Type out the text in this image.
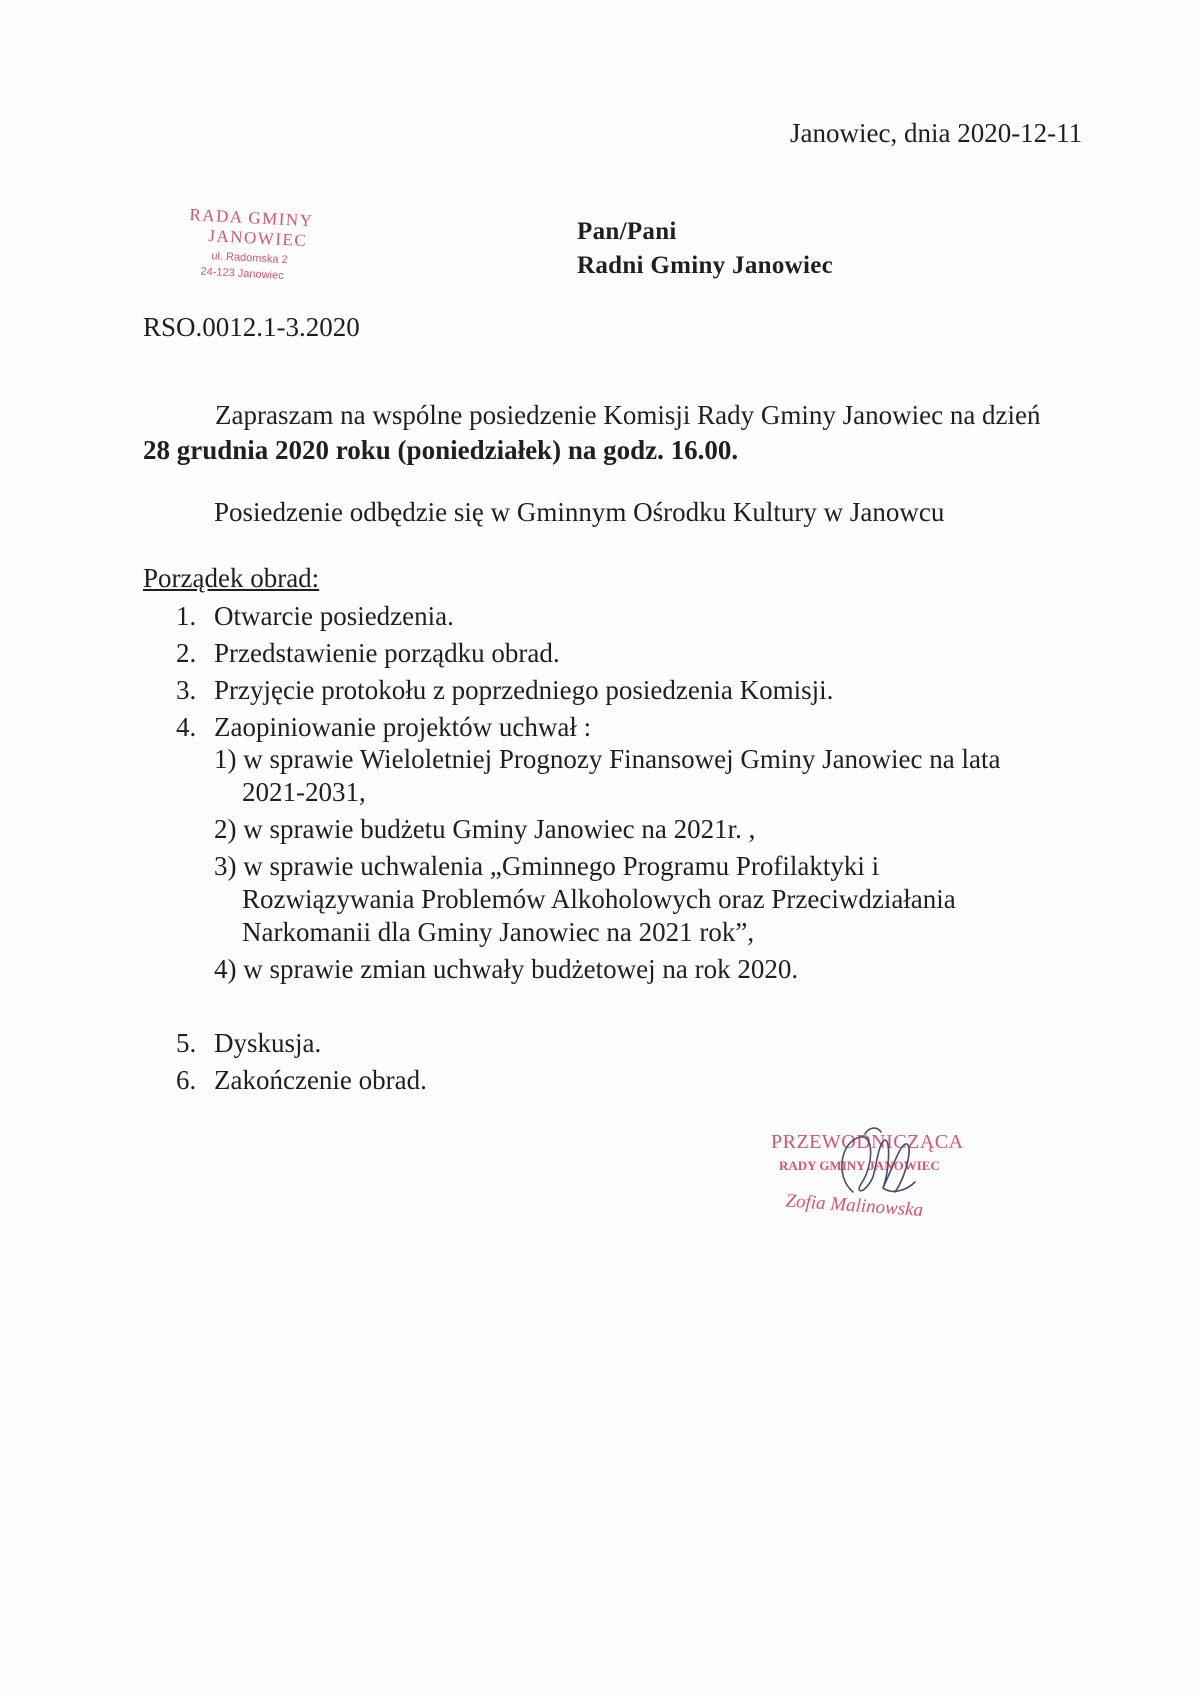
Janowiec, dnia 2020-12-11
RADA GMINY
JANOWIEC
ul. Radomska 2
24-123 Janowiec
Pan/Pani
Radni Gminy Janowiec
RSO.0012.1-3.2020
Zapraszam na wspólne posiedzenie Komisji Rady Gminy Janowiec na dzień
28 grudnia 2020 roku (poniedziałek) na godz. 16.00.
Posiedzenie odbędzie się w Gminnym Ośrodku Kultury w Janowcu
Porządek obrad:
1. Otwarcie posiedzenia.
2. Przedstawienie porządku obrad.
3. Przyjęcie protokołu z poprzedniego posiedzenia Komisji.
4. Zaopiniowanie projektów uchwał :
1) w sprawie Wieloletniej Prognozy Finansowej Gminy Janowiec na lata
2021-2031,
2) w sprawie budżetu Gminy Janowiec na 2021r. ,
3) w sprawie uchwalenia „Gminnego Programu Profilaktyki i
Rozwiązywania Problemów Alkoholowych oraz Przeciwdziałania
Narkomanii dla Gminy Janowiec na 2021 rok”,
4) w sprawie zmian uchwały budżetowej na rok 2020.
5. Dyskusja.
6. Zakończenie obrad.
PRZEWODNICZĄCA
RADY GMINY JANOWIEC
Zofia Malinowska
